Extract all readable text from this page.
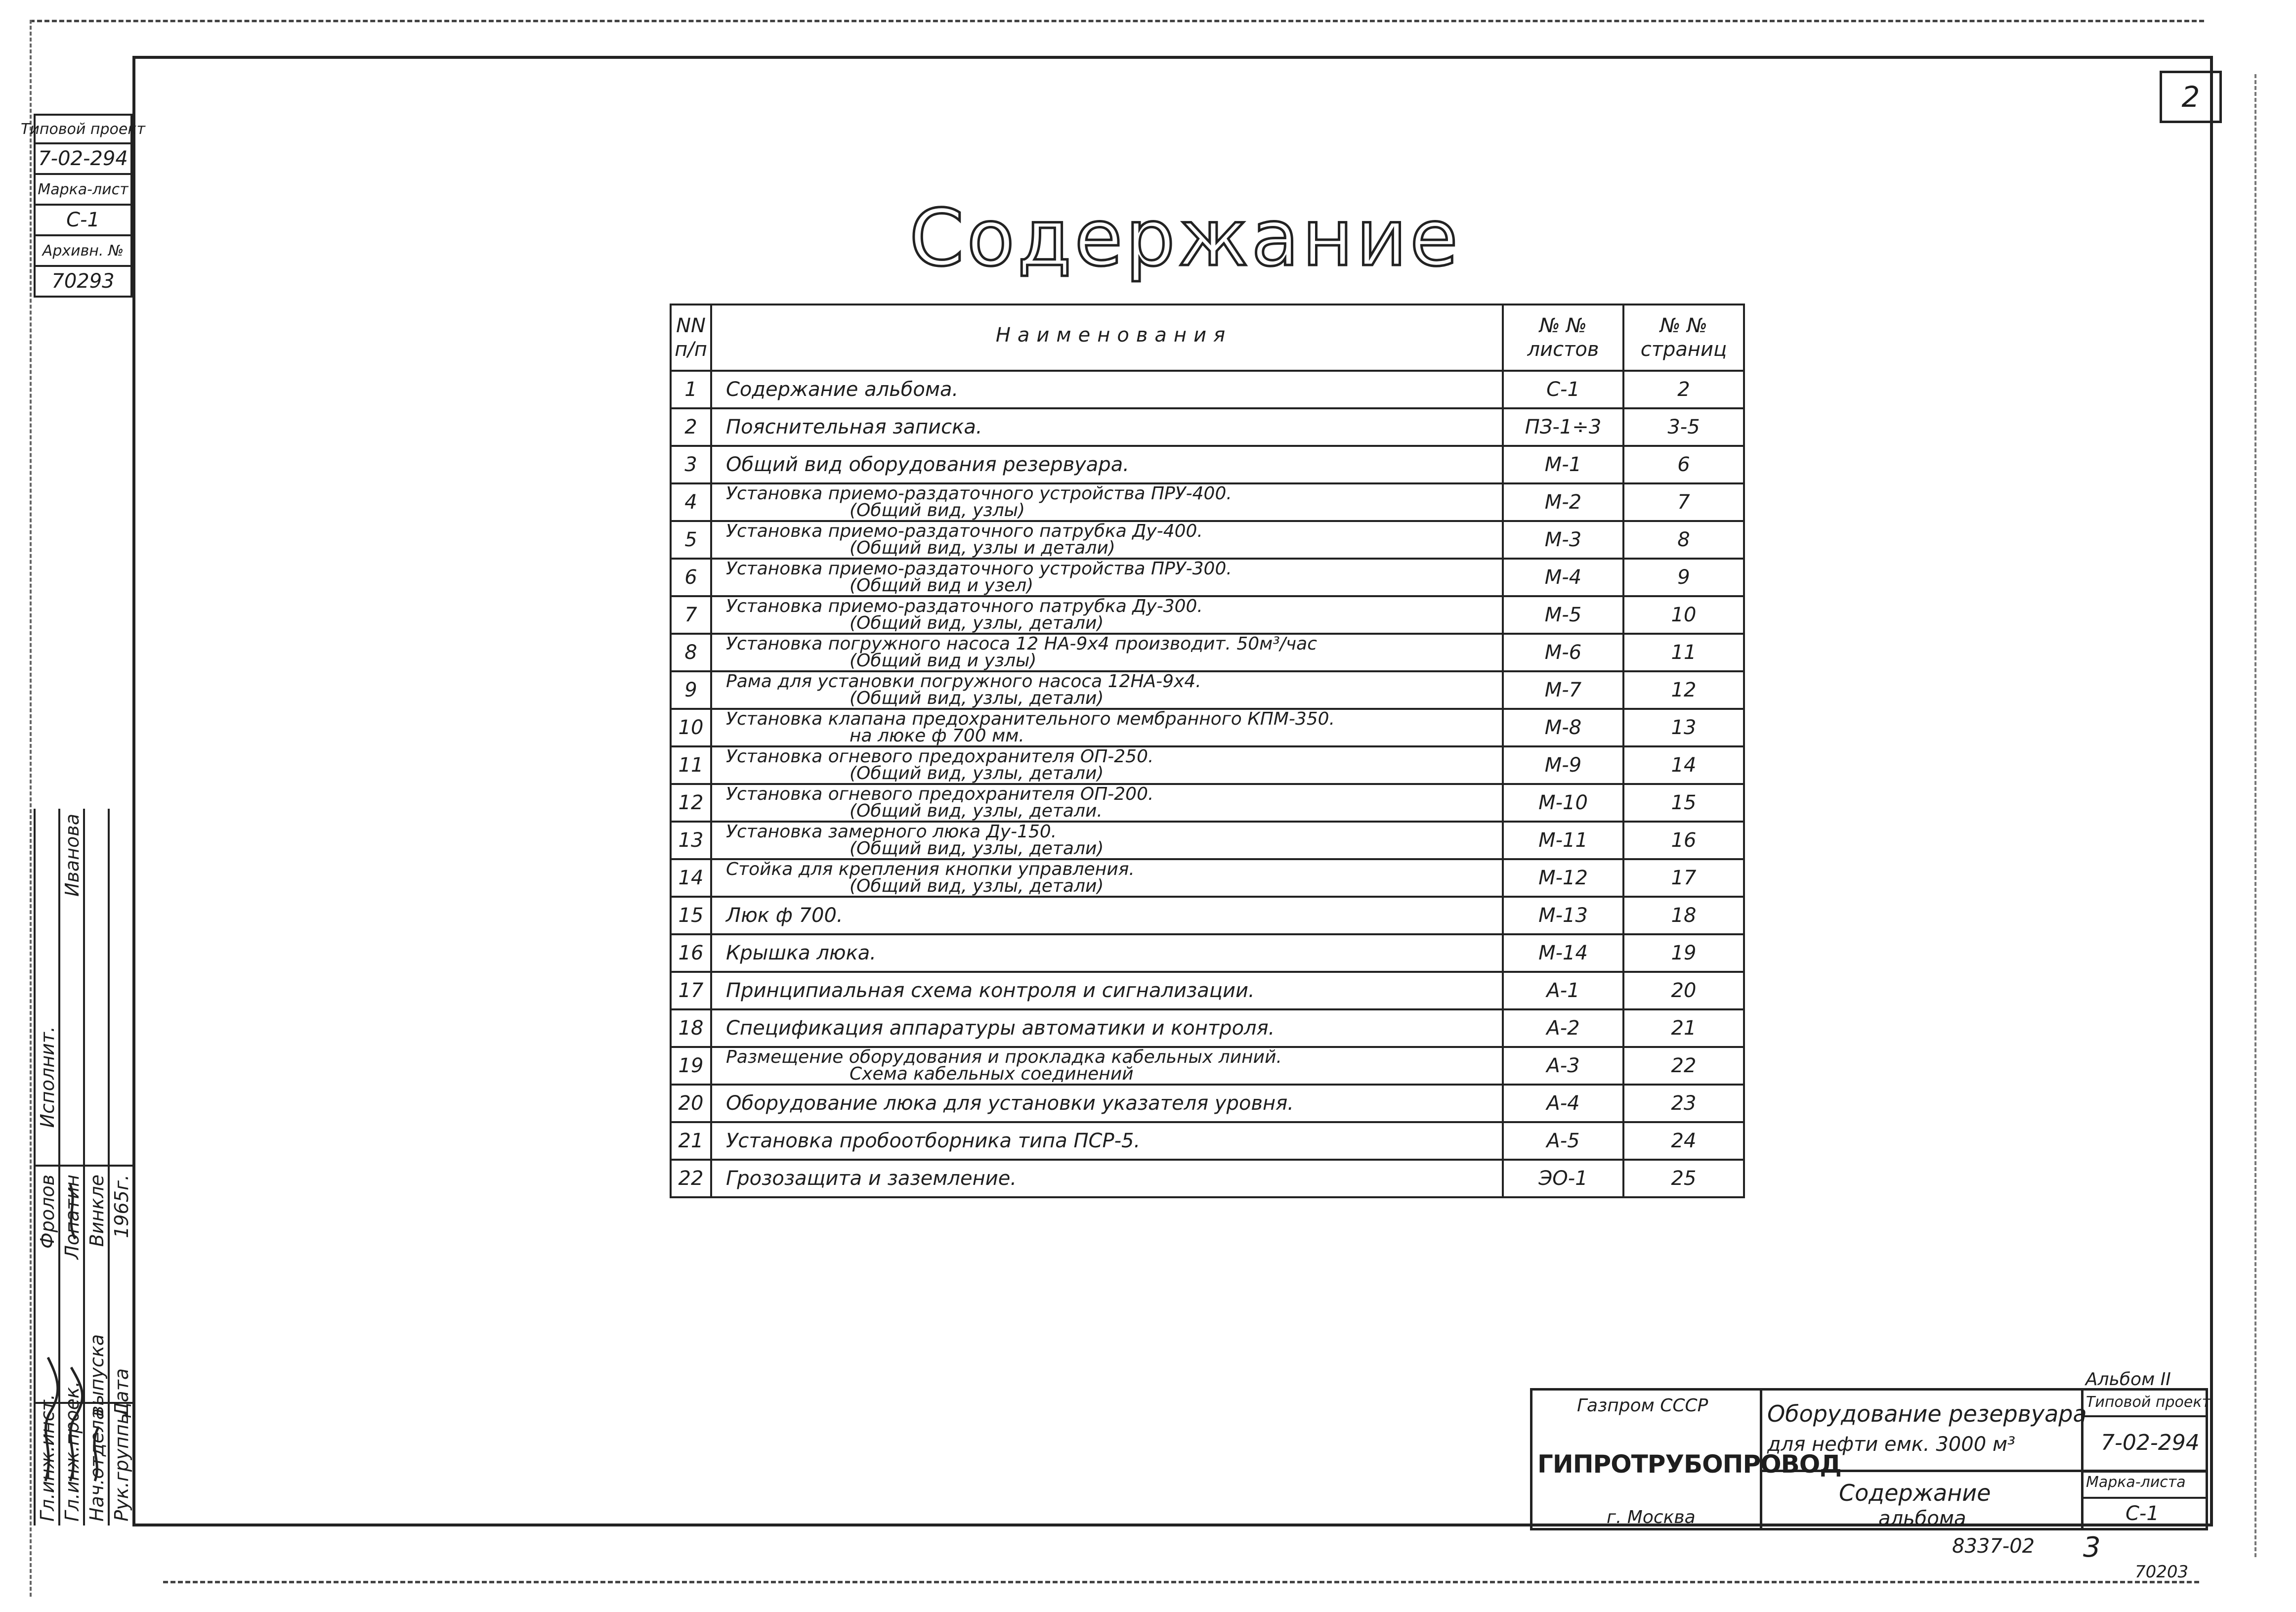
2
Типовой проект
7-02-294
Марка-лист
С-1
Архивн. №
70293	Содержание
NN п/п	Наименования	№ № листов	№ № страниц
1	Содержание альбома.	С-1	2
2	Пояснительная записка.	ПЗ-1÷3	3-5
3	Общий вид оборудования резервуара.	М-1	6
4	Установка приемо-раздаточного устройства ПРУ-400.
(Общий вид, узлы)	М-2	7
5	Установка приемо-раздаточного патрубка Ду-400.
(Общий вид, узлы и детали)	М-3	8
6	Установка приемо-раздаточного устройства ПРУ-300.
(Общий вид и узел)	М-4	9
7	Установка приемо-раздаточного патрубка Ду-300.
(Общий вид, узлы, детали)	М-5	10
8	Установка погружного насоса 12 НА-9х4 производит. 50м³/час
(Общий вид и узлы)	М-6	11
9	Рама для установки погружного насоса 12НА-9х4.
(Общий вид, узлы, детали)	М-7	12
10	Установка клапана предохранительного мембранного КПМ-350.
на люке ф 700 мм.	М-8	13
11	Установка огневого предохранителя ОП-250.
(Общий вид, узлы, детали)	М-9	14
12	Установка огневого предохранителя ОП-200.
(Общий вид, узлы, детали.	М-10	15
13	Установка замерного люка Ду-150.
(Общий вид, узлы, детали)	М-11	16
14	Стойка для крепления кнопки управления.
(Общий вид, узлы, детали)	М-12	17
15	Люк ф 700.	М-13	18
16	Крышка люка.	М-14	19
17	Принципиальная схема контроля и сигнализации.	А-1	20
18	Спецификация аппаратуры автоматики и контроля.	А-2	21
19	Размещение оборудования и прокладка кабельных линий.
Схема кабельных соединений	А-3	22
20	Оборудование люка для установки указателя уровня.	А-4	23
21	Установка пробоотборника типа ПСР-5.	А-5	24
22	Грозозащита и заземление.	ЭО-1	25
Гл.инж.инст. Гл.инж.проек. Нач.отдела Рук.группы
Дата
выпуска
Фролов Лопатин Винкле 1965г.
Исполнит.
Иванова
Альбом II
Газпром СССР
ГИПРОТРУБОПРОВОД
г. Москва
Оборудование резервуара
для нефти емк. 3000 м³
Содержание
альбома
Типовой проект
7-02-294
Марка-листа
С-1
8337-02 3
70203
